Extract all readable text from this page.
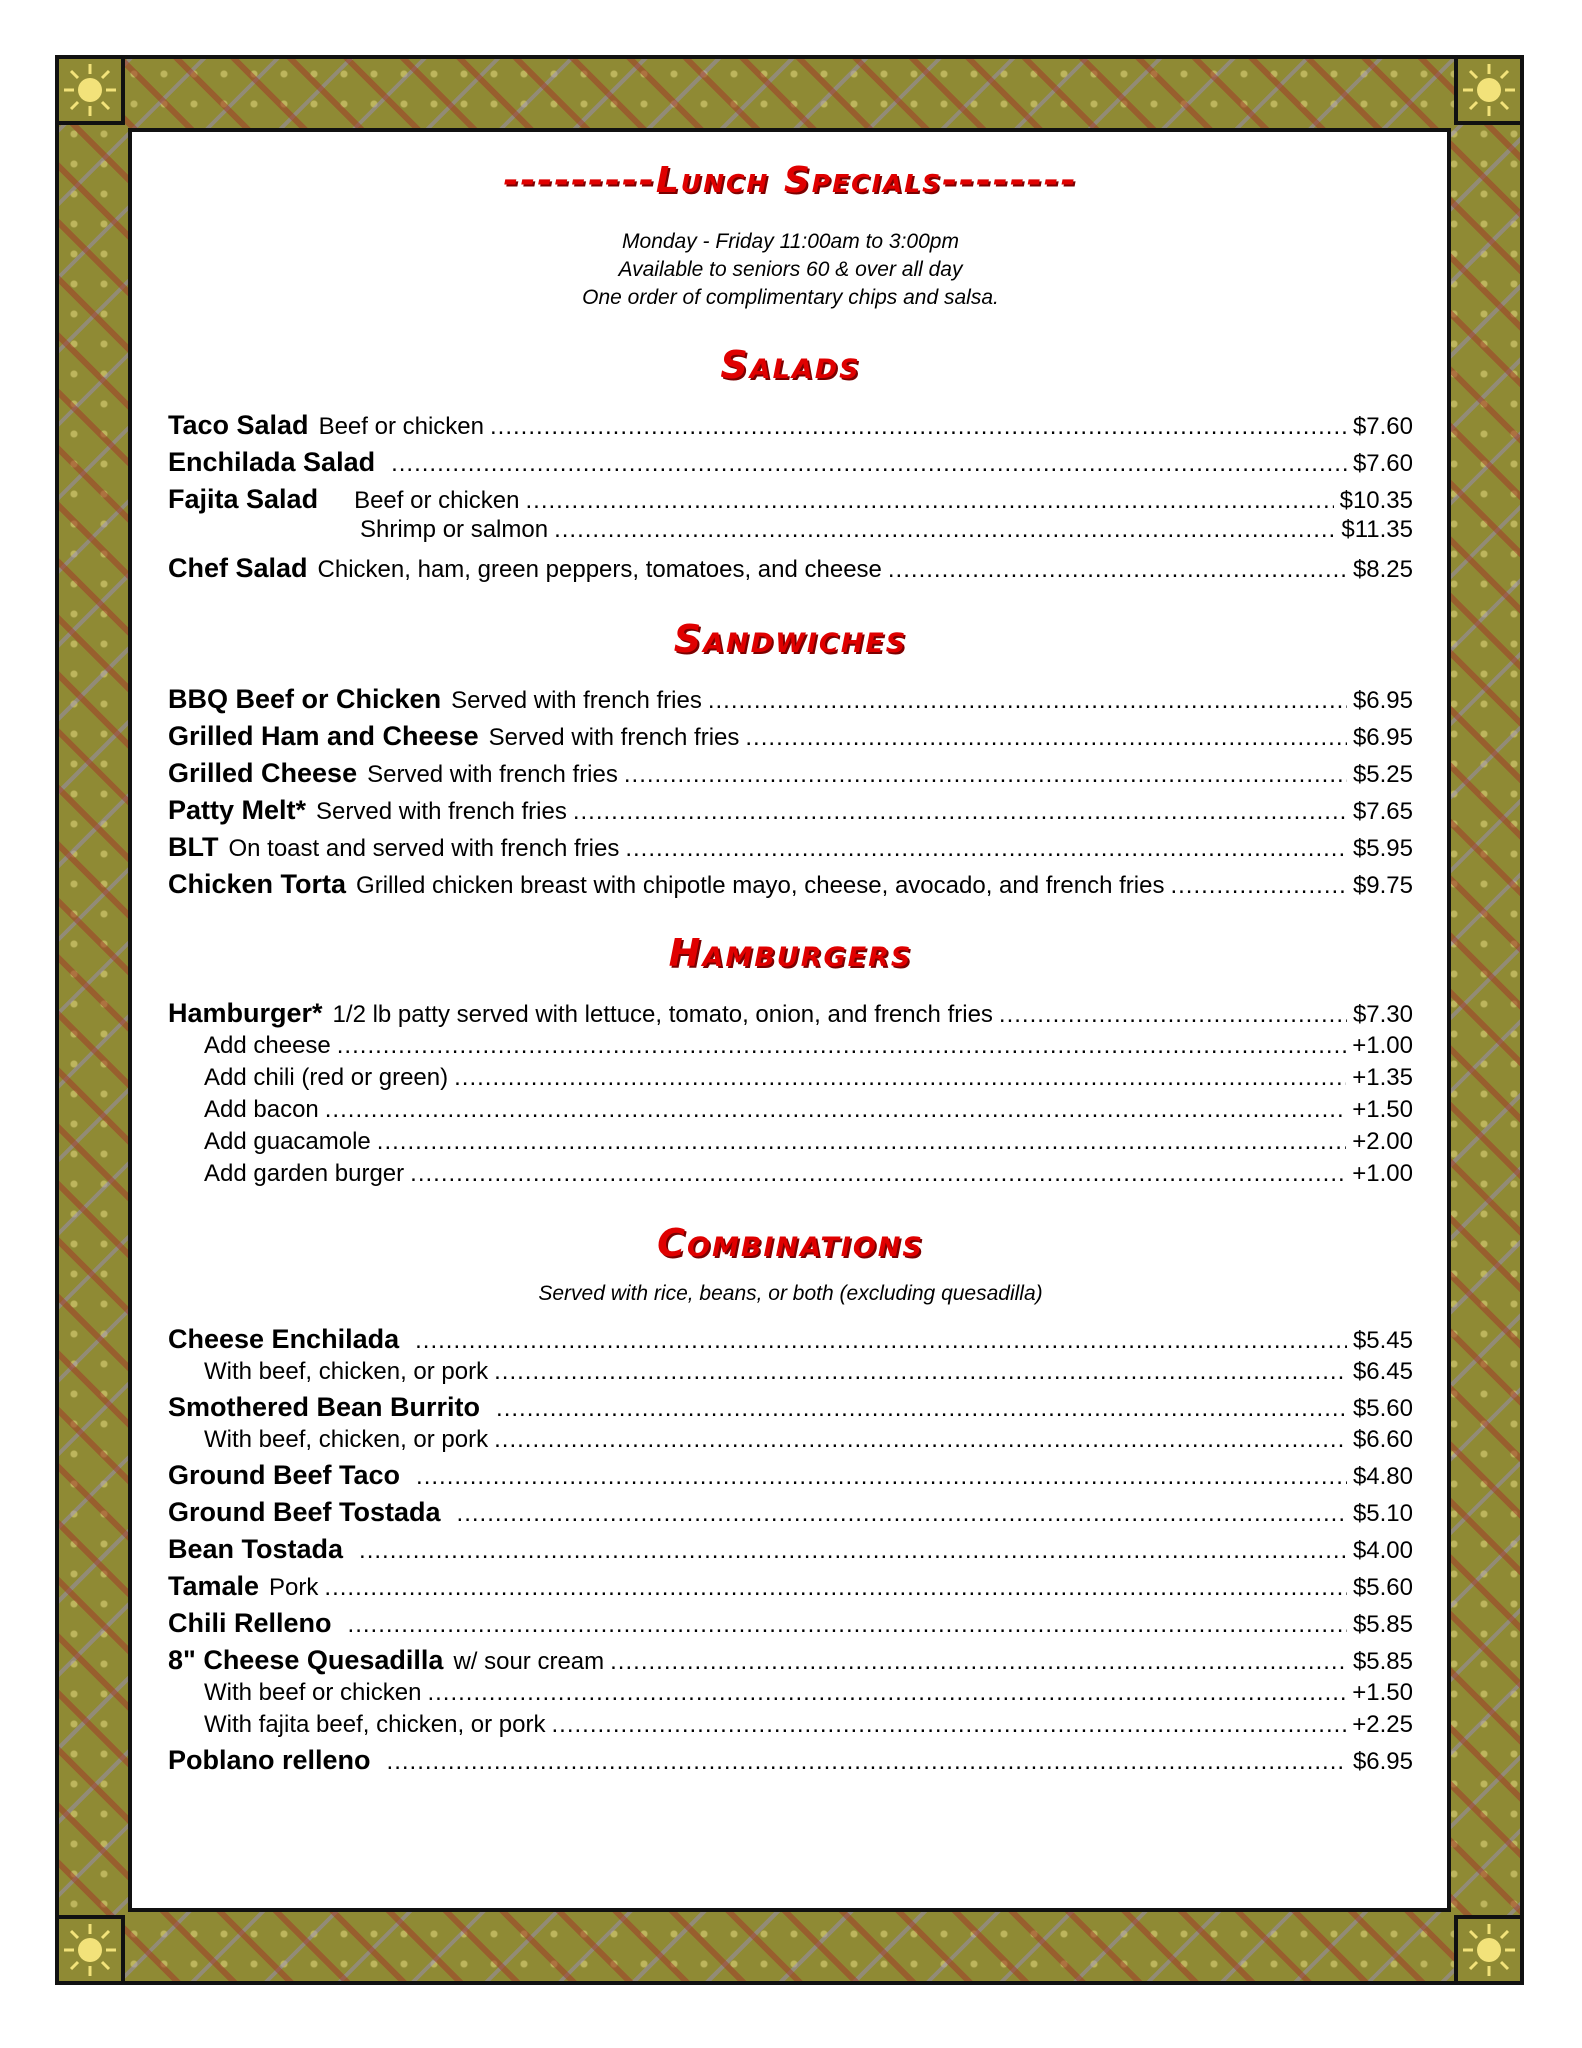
---------Lunch Specials--------
Monday - Friday 11:00am to 3:00pm
Available to seniors 60 & over all day
One order of complimentary chips and salsa.
Salads
Taco Salad Beef or chicken .....	$7.60
Enchilada Salad .....	$7.60
Fajita Salad Beef or chicken .....	$10.35
Shrimp or salmon .....	$11.35
Chef Salad Chicken, ham, green peppers, tomatoes, and cheese .....	$8.25
Sandwiches
BBQ Beef or Chicken Served with french fries .....	$6.95
Grilled Ham and Cheese Served with french fries .....	$6.95
Grilled Cheese Served with french fries .....	$5.25
Patty Melt* Served with french fries .....	$7.65
BLT On toast and served with french fries .....	$5.95
Chicken Torta Grilled chicken breast with chipotle mayo, cheese, avocado, and french fries .....	$9.75
Hamburgers
Hamburger* 1/2 lb patty served with lettuce, tomato, onion, and french fries .....	$7.30
Add cheese .....	+1.00
Add chili (red or green) .....	+1.35
Add bacon .....	+1.50
Add guacamole .....	+2.00
Add garden burger .....	+1.00
Combinations
Served with rice, beans, or both (excluding quesadilla)
Cheese Enchilada .....	$5.45
With beef, chicken, or pork .....	$6.45
Smothered Bean Burrito .....	$5.60
With beef, chicken, or pork .....	$6.60
Ground Beef Taco .....	$4.80
Ground Beef Tostada .....	$5.10
Bean Tostada .....	$4.00
Tamale Pork .....	$5.60
Chili Relleno .....	$5.85
8" Cheese Quesadilla w/ sour cream .....	$5.85
With beef or chicken .....	+1.50
With fajita beef, chicken, or pork .....	+2.25
Poblano relleno .....	$6.95
